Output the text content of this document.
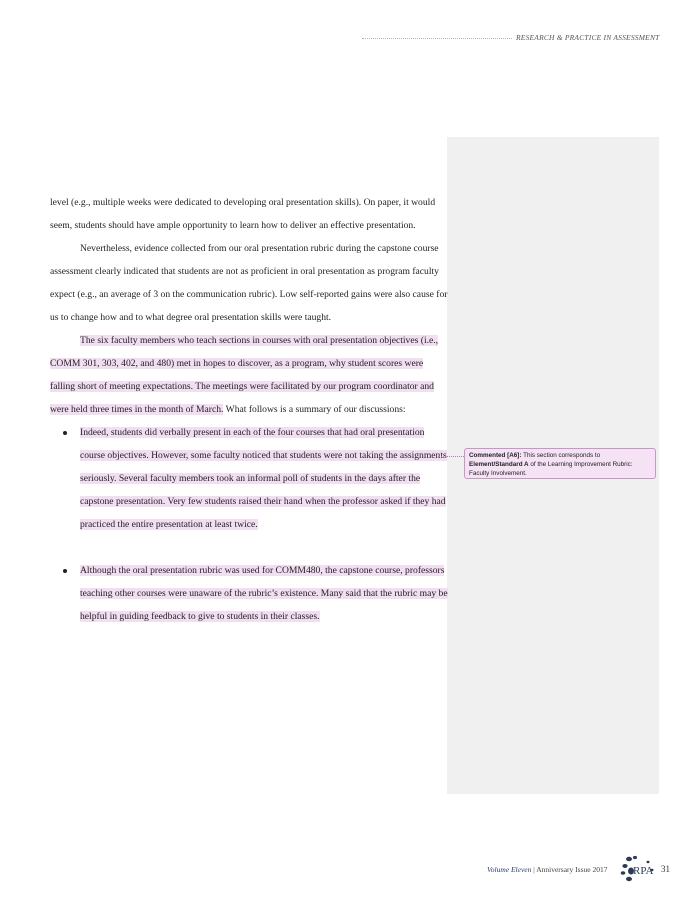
RESEARCH & PRACTICE IN ASSESSMENT

level (e.g., multiple weeks were dedicated to developing oral presentation skills). On paper, it would seem, students should have ample opportunity to learn how to deliver an effective presentation.

Nevertheless, evidence collected from our oral presentation rubric during the capstone course assessment clearly indicated that students are not as proficient in oral presentation as program faculty expect (e.g., an average of 3 on the communication rubric). Low self-reported gains were also cause for us to change how and to what degree oral presentation skills were taught.

The six faculty members who teach sections in courses with oral presentation objectives (i.e., COMM 301, 303, 402, and 480) met in hopes to discover, as a program, why student scores were falling short of meeting expectations. The meetings were facilitated by our program coordinator and were held three times in the month of March. What follows is a summary of our discussions:

Indeed, students did verbally present in each of the four courses that had oral presentation course objectives. However, some faculty noticed that students were not taking the assignments seriously. Several faculty members took an informal poll of students in the days after the capstone presentation. Very few students raised their hand when the professor asked if they had practiced the entire presentation at least twice.
Although the oral presentation rubric was used for COMM480, the capstone course, professors teaching other courses were unaware of the rubric’s existence. Many said that the rubric may be helpful in guiding feedback to give to students in their classes.
Commented [A6]: This section corresponds to Element/Standard A of the Learning Improvement Rubric: Faculty Involvement.
Volume Eleven | Anniversary Issue 2017	RPA 31
